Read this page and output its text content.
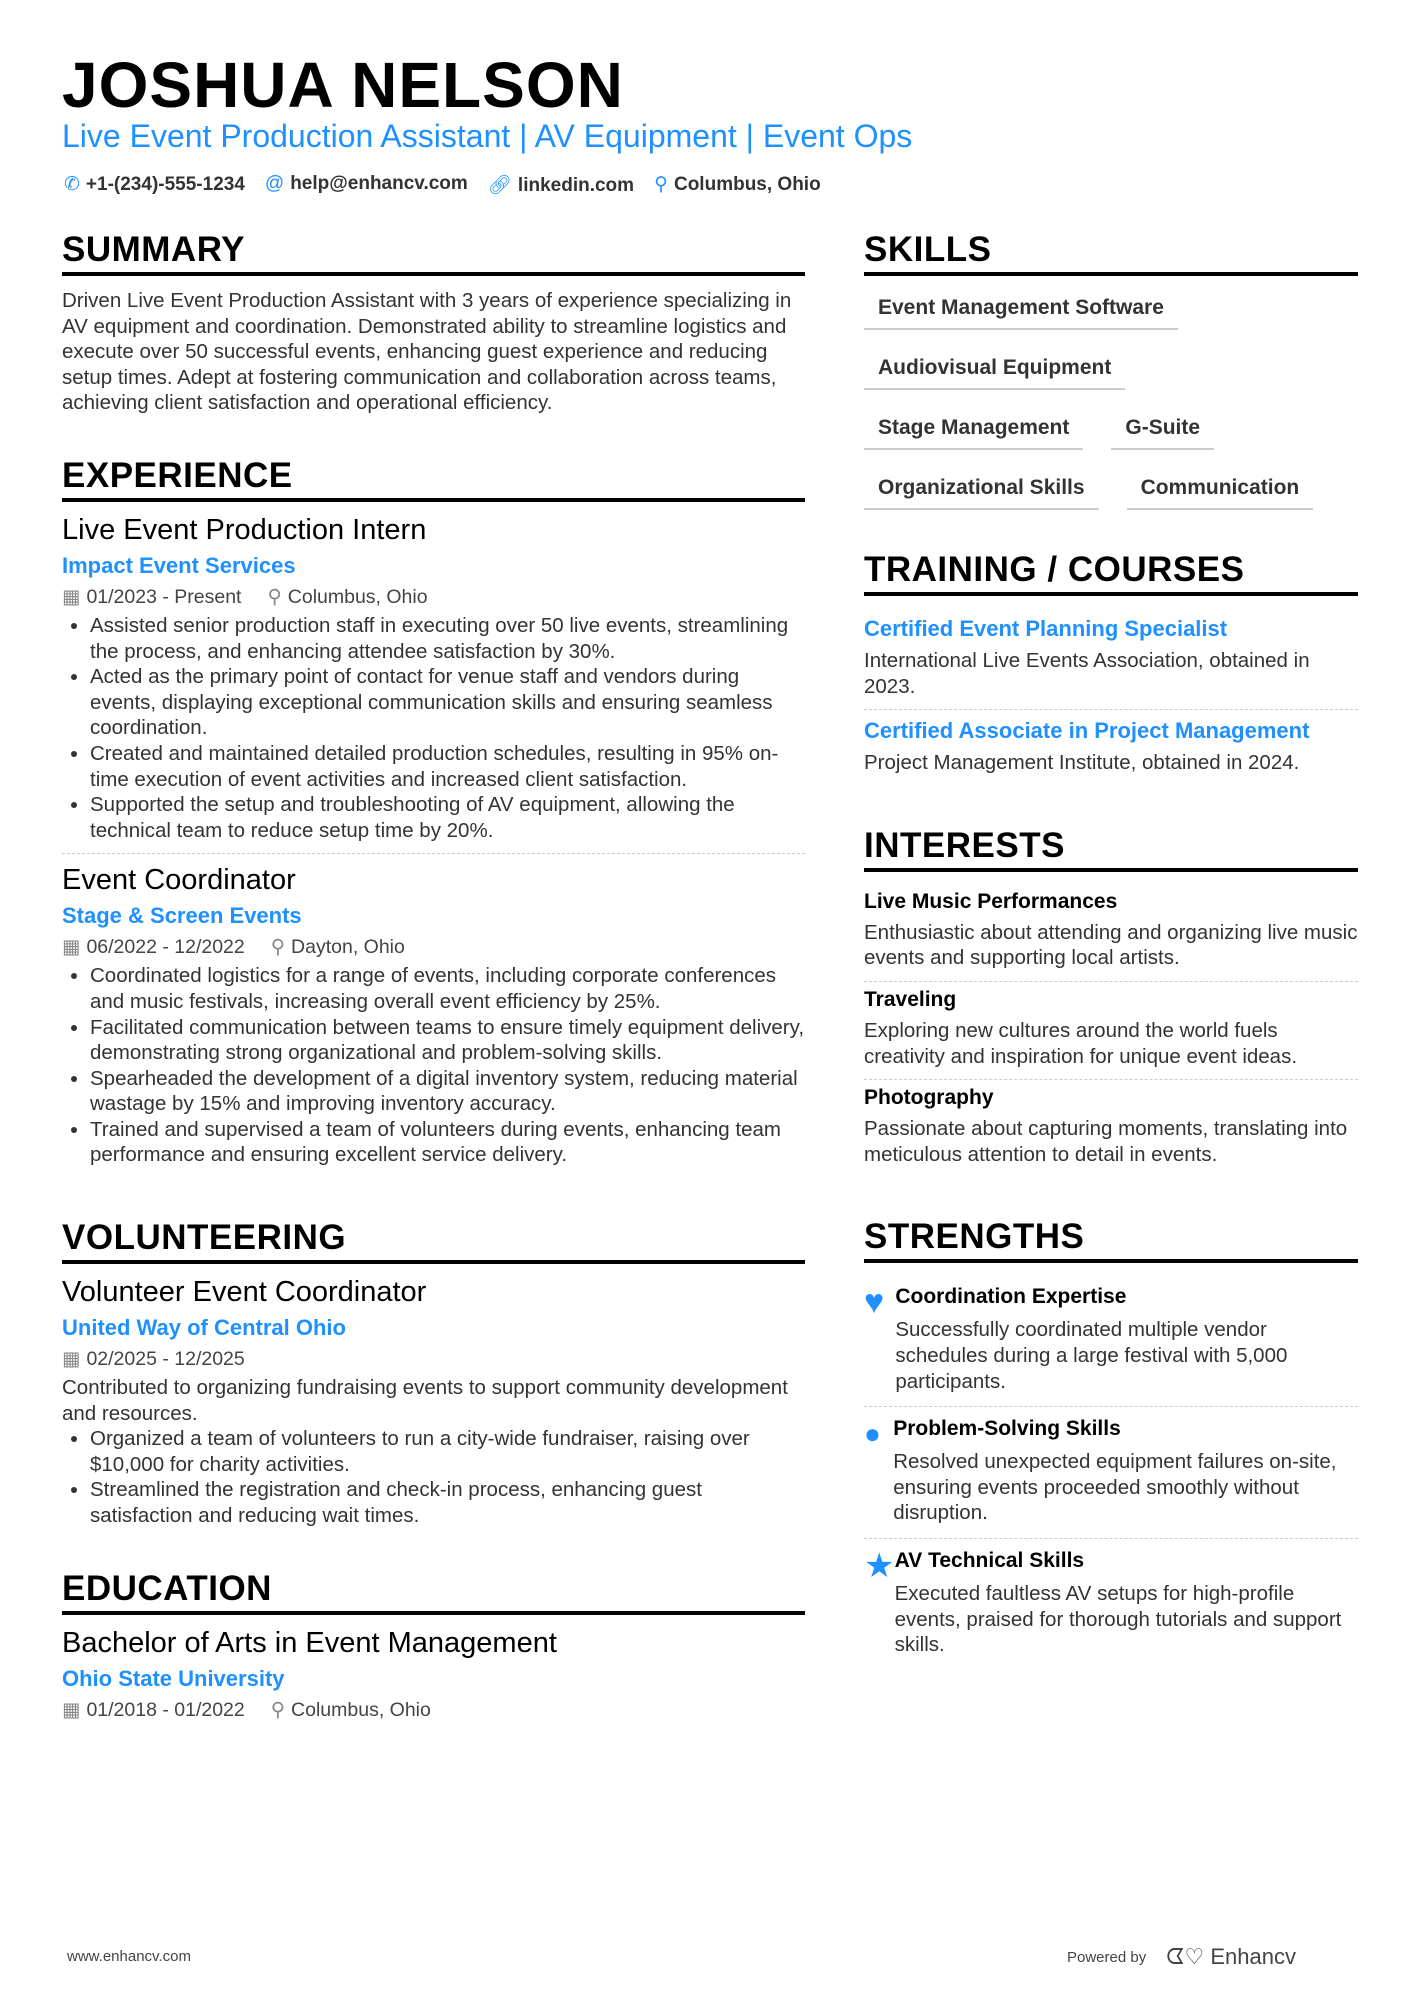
JOSHUA NELSON
Live Event Production Assistant | AV Equipment | Event Ops
✆ +1-(234)-555-1234 @ help@enhancv.com 🔗︎ linkedin.com ⚲ Columbus, Ohio
SUMMARY

Driven Live Event Production Assistant with 3 years of experience specializing in AV equipment and coordination. Demonstrated ability to streamline logistics and execute over 50 successful events, enhancing guest experience and reducing setup times. Adept at fostering communication and collaboration across teams, achieving client satisfaction and operational efficiency.

EXPERIENCE
Live Event Production Intern
Impact Event Services
▦ 01/2023 - Present ⚲ Columbus, Ohio
• Assisted senior production staff in executing over 50 live events, streamlining the process, and enhancing attendee satisfaction by 30%.
• Acted as the primary point of contact for venue staff and vendors during events, displaying exceptional communication skills and ensuring seamless coordination.
• Created and maintained detailed production schedules, resulting in 95% on-time execution of event activities and increased client satisfaction.
• Supported the setup and troubleshooting of AV equipment, allowing the technical team to reduce setup time by 20%.
Event Coordinator
Stage & Screen Events
▦ 06/2022 - 12/2022 ⚲ Dayton, Ohio
• Coordinated logistics for a range of events, including corporate conferences and music festivals, increasing overall event efficiency by 25%.
• Facilitated communication between teams to ensure timely equipment delivery, demonstrating strong organizational and problem-solving skills.
• Spearheaded the development of a digital inventory system, reducing material wastage by 15% and improving inventory accuracy.
• Trained and supervised a team of volunteers during events, enhancing team performance and ensuring excellent service delivery.
VOLUNTEERING
Volunteer Event Coordinator
United Way of Central Ohio
▦ 02/2025 - 12/2025

Contributed to organizing fundraising events to support community development and resources.

• Organized a team of volunteers to run a city-wide fundraiser, raising over $10,000 for charity activities.
• Streamlined the registration and check-in process, enhancing guest satisfaction and reducing wait times.
EDUCATION
Bachelor of Arts in Event Management
Ohio State University
▦ 01/2018 - 01/2022 ⚲ Columbus, Ohio
SKILLS
Event Management Software
Audiovisual Equipment
Stage Management	G-Suite
Organizational Skills	Communication
TRAINING / COURSES
Certified Event Planning Specialist

International Live Events Association, obtained in 2023.

Certified Associate in Project Management

Project Management Institute, obtained in 2024.

INTERESTS
Live Music Performances

Enthusiastic about attending and organizing live music events and supporting local artists.

Traveling

Exploring new cultures around the world fuels creativity and inspiration for unique event ideas.

Photography

Passionate about capturing moments, translating into meticulous attention to detail in events.

STRENGTHS
♥ Coordination Expertise

Successfully coordinated multiple vendor schedules during a large festival with 5,000 participants.

● Problem-Solving Skills

Resolved unexpected equipment failures on-site, ensuring events proceeded smoothly without disruption.

★ AV Technical Skills

Executed faultless AV setups for high-profile events, praised for thorough tutorials and support skills.

www.enhancv.com	Powered by ᗧ♡ Enhancv
